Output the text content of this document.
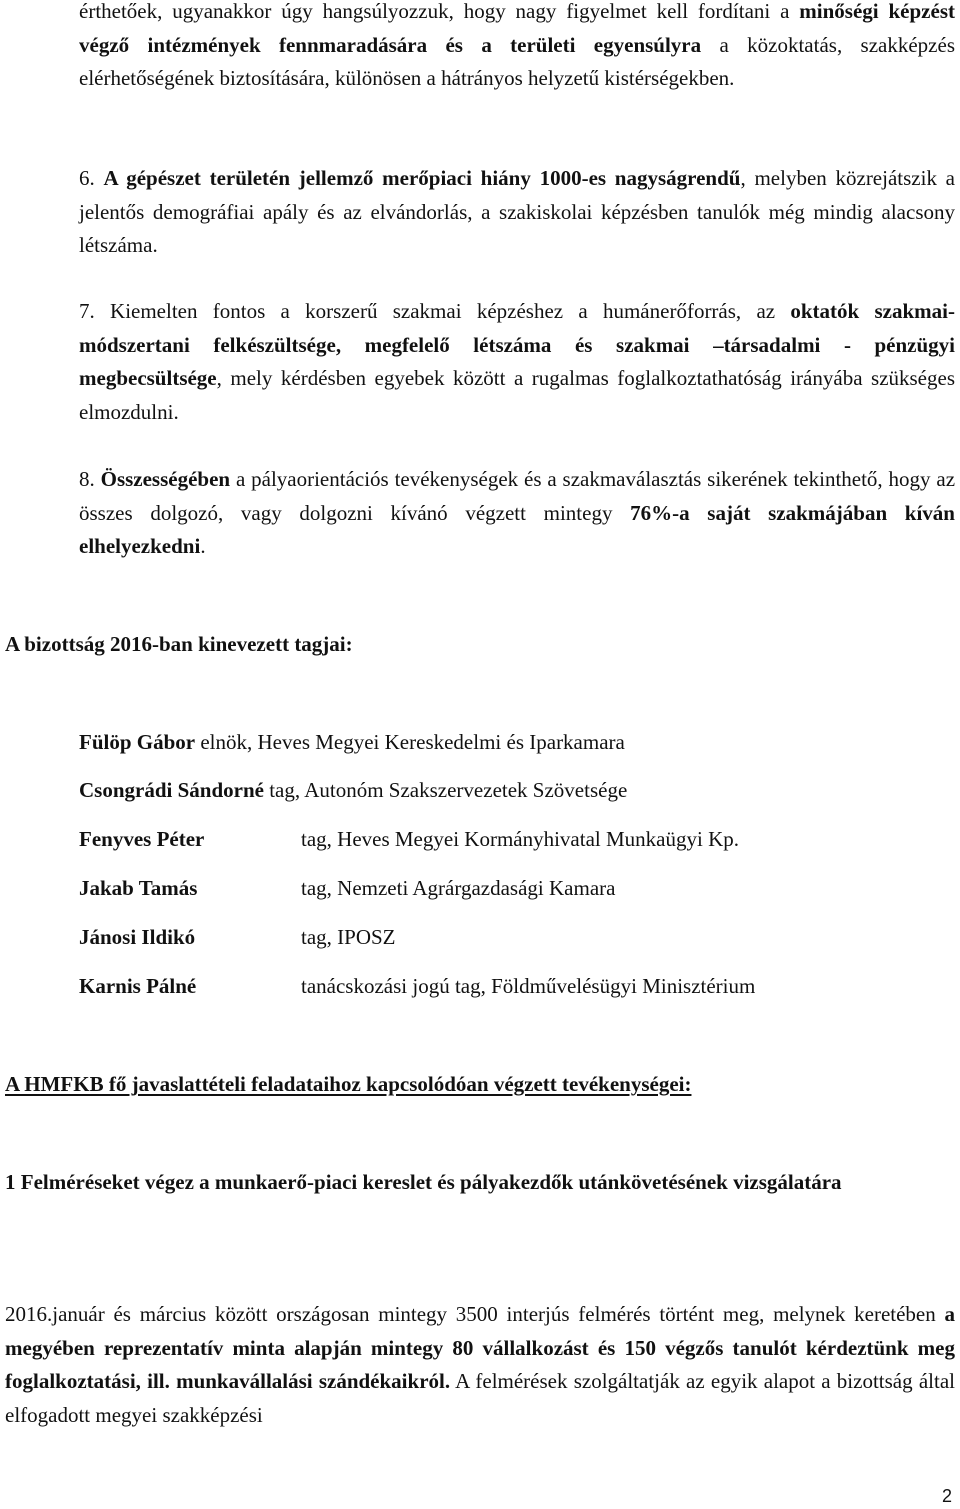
érthetőek, ugyanakkor úgy hangsúlyozzuk, hogy nagy figyelmet kell fordítani a minőségi képzést végző intézmények fennmaradására és a területi egyensúlyra a közoktatás, szakképzés elérhetőségének biztosítására, különösen a hátrányos helyzetű kistérségekben.

6. A gépészet területén jellemző merőpiaci hiány 1000-es nagyságrendű, melyben közrejátszik a jelentős demográfiai apály és az elvándorlás, a szakiskolai képzésben tanulók még mindig alacsony létszáma.

7. Kiemelten fontos a korszerű szakmai képzéshez a humánerőforrás, az oktatók szakmai-módszertani felkészültsége, megfelelő létszáma és szakmai –társadalmi - pénzügyi megbecsültsége, mely kérdésben egyebek között a rugalmas foglalkoztathatóság irányába szükséges elmozdulni.

8. Összességében a pályaorientációs tevékenységek és a szakmaválasztás sikerének tekinthető, hogy az összes dolgozó, vagy dolgozni kívánó végzett mintegy 76%-a saját szakmájában kíván elhelyezkedni.

A bizottság 2016-ban kinevezett tagjai:

Fülöp Gábor elnök, Heves Megyei Kereskedelmi és Iparkamara

Csongrádi Sándorné tag, Autonóm Szakszervezetek Szövetsége

Fenyves Péter	tag, Heves Megyei Kormányhivatal Munkaügyi Kp.

Jakab Tamás	tag, Nemzeti Agrárgazdasági Kamara

Jánosi Ildikó	tag, IPOSZ

Karnis Pálné	tanácskozási jogú tag, Földművelésügyi Minisztérium

A HMFKB fő javaslattételi feladataihoz kapcsolódóan végzett tevékenységei:

1 Felméréseket végez a munkaerő-piaci kereslet és pályakezdők utánkövetésének vizsgálatára

2016.január és március között országosan mintegy 3500 interjús felmérés történt meg, melynek keretében a megyében reprezentatív minta alapján mintegy 80 vállalkozást és 150 végzős tanulót kérdeztünk meg foglalkoztatási, ill. munkavállalási szándékaikról. A felmérések szolgáltatják az egyik alapot a bizottság által elfogadott megyei szakképzési

2
